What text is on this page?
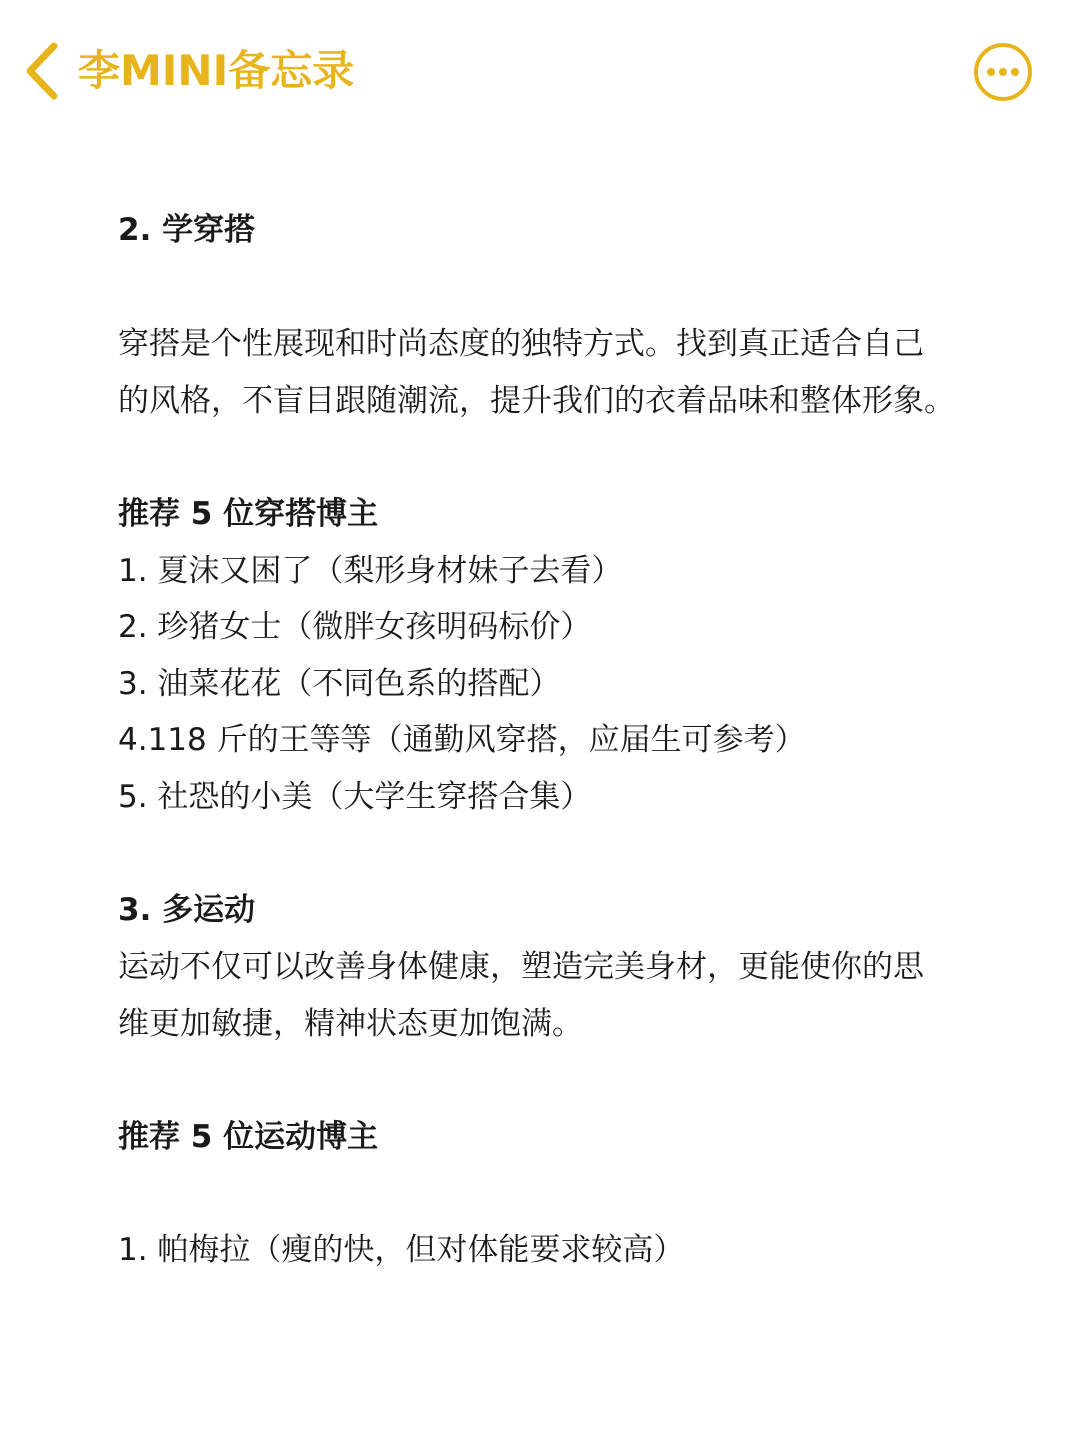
李MINI备忘录
2. 学穿搭
穿搭是个性展现和时尚态度的独特方式。找到真正适合自己
的风格，不盲目跟随潮流，提升我们的衣着品味和整体形象。
推荐 5 位穿搭博主
1. 夏沫又困了（梨形身材妹子去看）
2. 珍猪女士（微胖女孩明码标价）
3. 油菜花花（不同色系的搭配）
4.118 斤的王等等（通勤风穿搭，应届生可参考）
5. 社恐的小美（大学生穿搭合集）
3. 多运动
运动不仅可以改善身体健康，塑造完美身材，更能使你的思
维更加敏捷，精神状态更加饱满。
推荐 5 位运动博主
1. 帕梅拉（瘦的快，但对体能要求较高）
